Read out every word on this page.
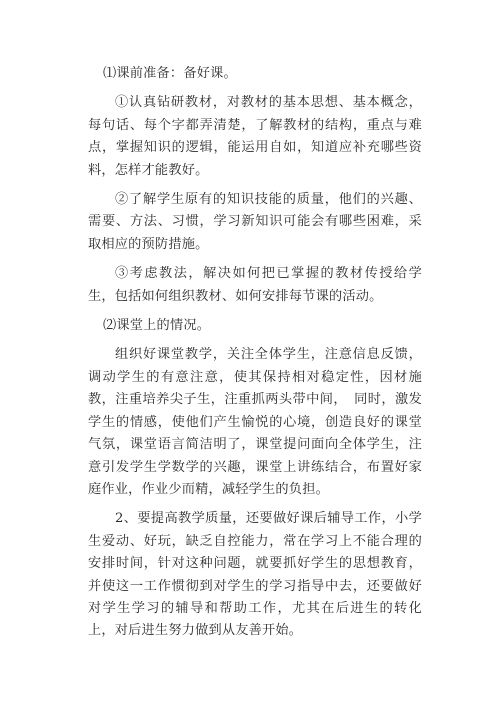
⑴课前准备：备好课。

①认真钻研教材，对教材的基本思想、基本概念，每句话、每个字都弄清楚，了解教材的结构，重点与难点，掌握知识的逻辑，能运用自如，知道应补充哪些资料，怎样才能教好。

②了解学生原有的知识技能的质量，他们的兴趣、需要、方法、习惯，学习新知识可能会有哪些困难，采取相应的预防措施。

③考虑教法，解决如何把已掌握的教材传授给学生，包括如何组织教材、如何安排每节课的活动。

⑵课堂上的情况。

组织好课堂教学，关注全体学生，注意信息反馈，调动学生的有意注意，使其保持相对稳定性，因材施教，注重培养尖子生，注重抓两头带中间，　同时，激发学生的情感，使他们产生愉悦的心境，创造良好的课堂气氛，课堂语言简洁明了，课堂提问面向全体学生，注意引发学生学数学的兴趣，课堂上讲练结合，布置好家庭作业，作业少而精，减轻学生的负担。

2、要提高教学质量，还要做好课后辅导工作，小学生爱动、好玩，缺乏自控能力，常在学习上不能合理的安排时间，针对这种问题，就要抓好学生的思想教育，并使这一工作惯彻到对学生的学习指导中去，还要做好对学生学习的辅导和帮助工作，尤其在后进生的转化上，对后进生努力做到从友善开始。
